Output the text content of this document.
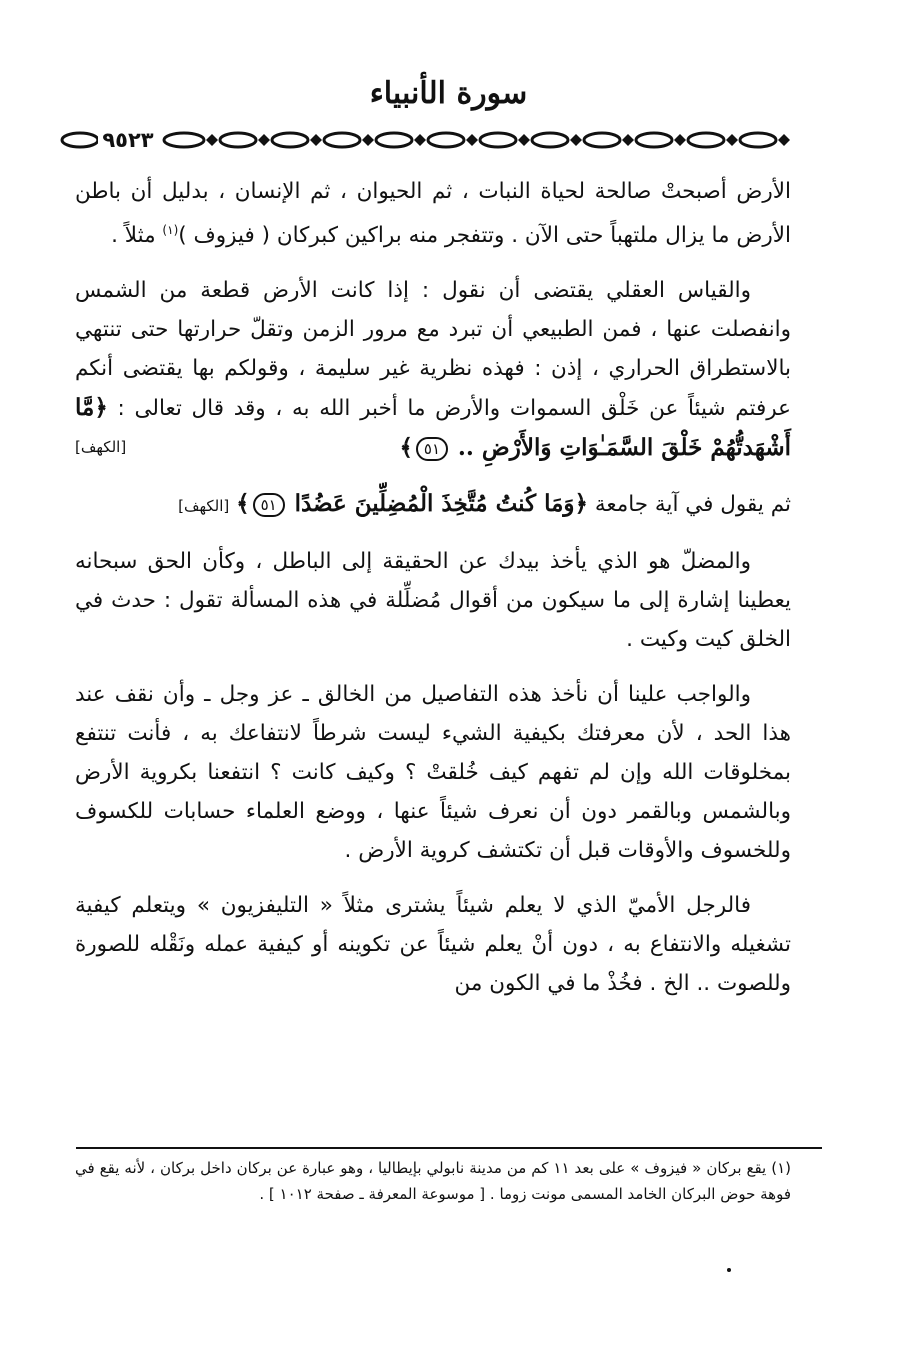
سورة الأنبياء
٩٥٢٣

الأرض أصبحتْ صالحة لحياة النبات ، ثم الحيوان ، ثم الإنسان ، بدليل أن باطن الأرض ما يزال ملتهباً حتى الآن . وتتفجر منه براكين كبركان ( فيزوف )$^{(١)}$ مثلاً .

والقياس العقلي يقتضى أن نقول : إذا كانت الأرض قطعة من الشمس وانفصلت عنها ، فمن الطبيعي أن تبرد مع مرور الزمن وتقلّ حرارتها حتى تنتهي بالاستطراق الحراري ، إذن : فهذه نظرية غير سليمة ، وقولكم بها يقتضى أنكم عرفتم شيئاً عن خَلْق السموات والأرض ما أخبر الله به ، وقد قال تعالى : ﴿مَّا أَشْهَدتُّهُمْ خَلْقَ السَّمَـٰوَاتِ وَالأَرْضِ .. ٥١﴾
[الكهف]

ثم يقول في آية جامعة ﴿وَمَا كُنتُ مُتَّخِذَ الْمُضِلِّينَ عَضُدًا ٥١﴾ [الكهف]

والمضلّ هو الذي يأخذ بيدك عن الحقيقة إلى الباطل ، وكأن الحق سبحانه يعطينا إشارة إلى ما سيكون من أقوال مُضلِّلة في هذه المسألة تقول : حدث في الخلق كيت وكيت .

والواجب علينا أن نأخذ هذه التفاصيل من الخالق ـ عز وجل ـ وأن نقف عند هذا الحد ، لأن معرفتك بكيفية الشيء ليست شرطاً لانتفاعك به ، فأنت تنتفع بمخلوقات الله وإن لم تفهم كيف خُلقتْ ؟ وكيف كانت ؟ انتفعنا بكروية الأرض وبالشمس وبالقمر دون أن نعرف شيئاً عنها ، ووضع العلماء حسابات للكسوف وللخسوف والأوقات قبل أن تكتشف كروية الأرض .

فالرجل الأميّ الذي لا يعلم شيئاً يشترى مثلاً « التليفزيون » ويتعلم كيفية تشغيله والانتفاع به ، دون أنْ يعلم شيئاً عن تكوينه أو كيفية عمله ونَقْله للصورة وللصوت .. الخ . فخُذْ ما في الكون من

(١) يقع بركان « فيزوف » على بعد ١١ كم من مدينة نابولي بإيطاليا ، وهو عبارة عن بركان داخل بركان ، لأنه يقع في فوهة حوض البركان الخامد المسمى مونت زوما . [ موسوعة المعرفة ـ صفحة ١٠١٢ ] .
